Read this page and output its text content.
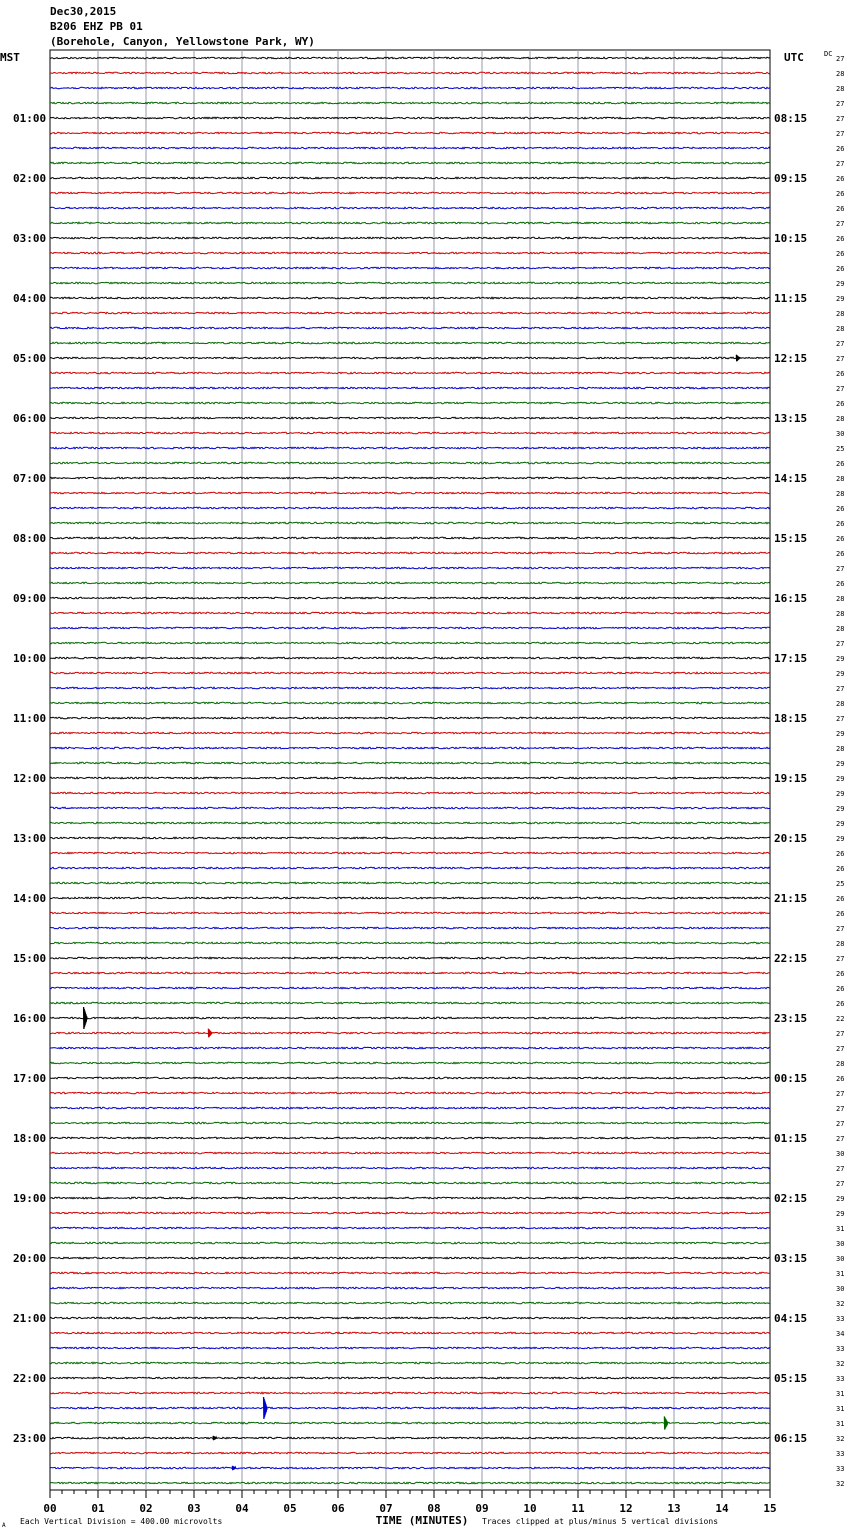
Dec30,2015
B206 EHZ PB 01
(Borehole, Canyon, Yellowstone Park, WY)
MST	UTC	DC
01:00
02:00
03:00
04:00
05:00
06:00
07:00
08:00
09:00
10:00
11:00
12:00
13:00
14:00
15:00
16:00
17:00
18:00
19:00
20:00
21:00
22:00
23:00
08:15
09:15
10:15
11:15
12:15
13:15
14:15
15:15
16:15
17:15
18:15
19:15
20:15
21:15
22:15
23:15
00:15
01:15
02:15
03:15
04:15
05:15
06:15
27
28
28
27
27
27
26
27
26
26
26
27
26
26
26
29
29
28
28
27
27
26
27
26
28
30
25
26
28
28
26
26
26
26
27
26
28
28
28
27
29
29
27
28
27
29
28
29
29
29
29
29
29
26
26
25
26
26
27
28
27
26
26
26
22
27
27
28
26
27
27
27
27
30
27
27
29
29
31
30
30
31
30
32
33
34
33
32
33
31
31
31
32
33
33
32
00	01	02	03	04	05	06	07	08	09	10	11	12	13	14	15
TIME (MINUTES)
Each Vertical Division = 400.00 microvolts	Traces clipped at plus/minus 5 vertical divisions
A
